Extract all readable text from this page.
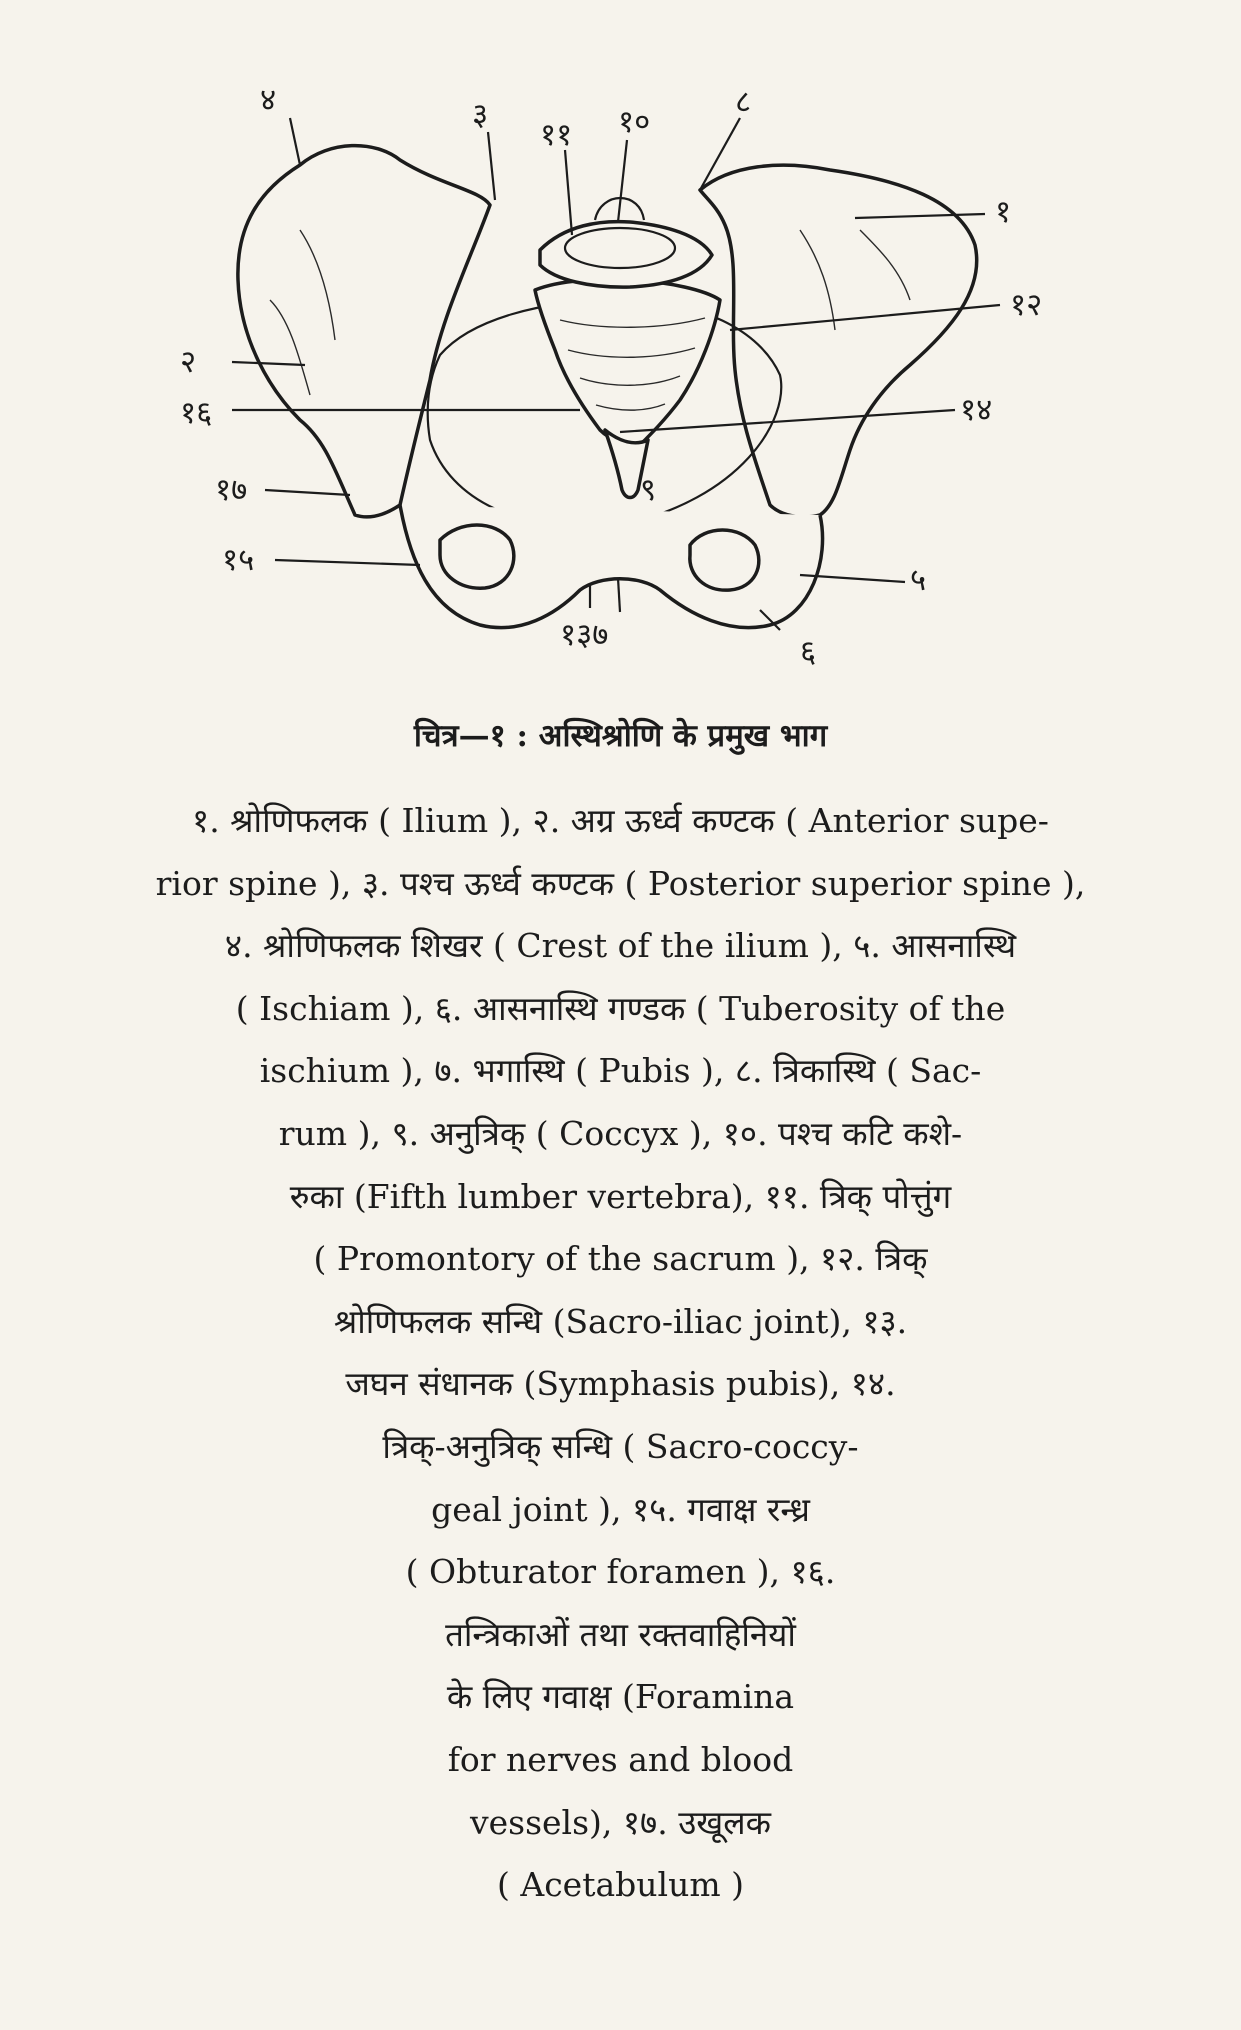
४	३
११ १०
८
१
१२
२
१६	१४
१७	९
१५
५
१३७	६

चित्र—१ : अस्थिश्रोणि के प्रमुख भाग

१. श्रोणिफलक ( Ilium ), २. अग्र ऊर्ध्व कण्टक ( Anterior supe-
rior spine ), ३. पश्च ऊर्ध्व कण्टक ( Posterior superior spine ),
४. श्रोणिफलक शिखर ( Crest of the ilium ), ५. आसनास्थि
( Ischiam ), ६. आसनास्थि गण्डक ( Tuberosity of the
ischium ), ७. भगास्थि ( Pubis ), ८. त्रिकास्थि ( Sac-
rum ), ९. अनुत्रिक् ( Coccyx ), १०. पश्च कटि कशे-
रुका (Fifth lumber vertebra), ११. त्रिक् पोत्तुंग
( Promontory of the sacrum ), १२. त्रिक्
श्रोणिफलक सन्धि (Sacro-iliac joint), १३.
जघन संधानक (Symphasis pubis), १४.
त्रिक्-अनुत्रिक् सन्धि ( Sacro-coccy-
geal joint ), १५. गवाक्ष रन्ध्र
( Obturator foramen ), १६.
तन्त्रिकाओं तथा रक्तवाहिनियों
के लिए गवाक्ष (Foramina
for nerves and blood
vessels), १७. उखूलक
( Acetabulum )
